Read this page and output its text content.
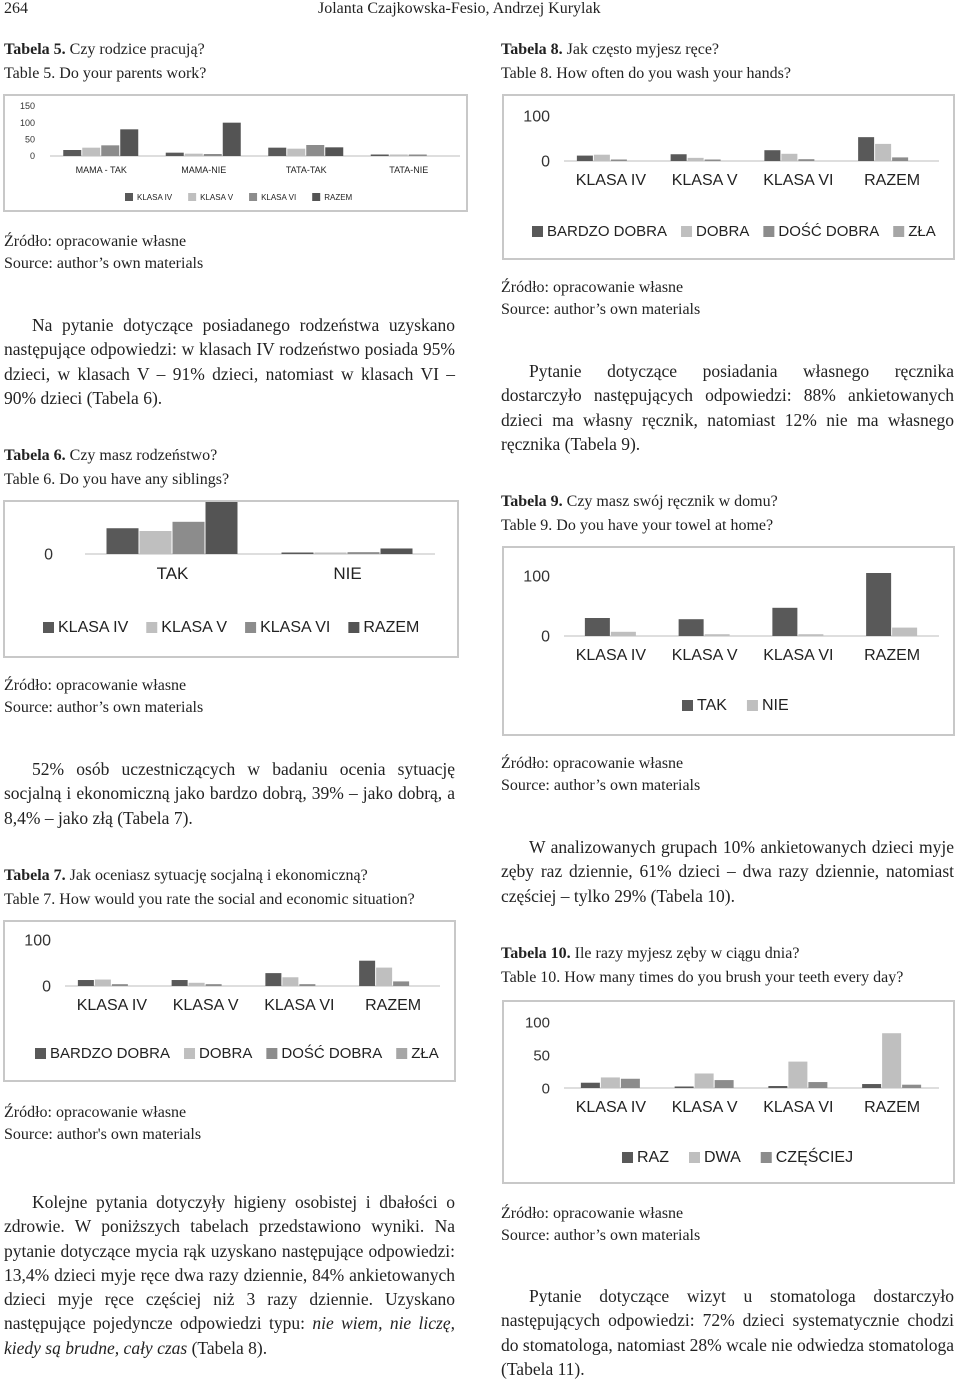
264	Jolanta Czajkowska-Fesio, Andrzej Kurylak
Tabela 5. Czy rodzice pracują?
Table 5. Do your parents work?
150
100
50
0
MAMA - TAK	MAMA-NIE	TATA-TAK	TATA-NIE
KLASA IV	KLASA V	KLASA VI	RAZEM
Źródło: opracowanie własne
Source: author’s own materials
Na pytanie dotyczące posiadanego rodzeństwa uzyskano następujące odpowiedzi: w klasach IV rodzeństwo posiada 95% dzieci, w klasach V – 91% dzieci, natomiast w klasach VI – 90% dzieci (Tabela 6).
Tabela 6. Czy masz rodzeństwo?
Table 6. Do you have any siblings?
0
TAK	NIE
KLASA IV KLASA V KLASA VI RAZEM
Źródło: opracowanie własne
Source: author’s own materials
52% osób uczestniczących w badaniu ocenia sytuację socjalną i ekonomiczną jako bardzo dobrą, 39% – jako dobrą, a 8,4% – jako złą (Tabela 7).
Tabela 7. Jak oceniasz sytuację socjalną i ekonomiczną?
Table 7. How would you rate the social and economic situation?
100
0
KLASA IV KLASA V KLASA VI RAZEM
BARDZO DOBRA DOBRA DOŚĆ DOBRA ZŁA
Źródło: opracowanie własne
Source: author's own materials
Kolejne pytania dotyczyły higieny osobistej i dbałości o zdrowie. W poniższych tabelach przedstawiono wyniki. Na pytanie dotyczące mycia rąk uzyskano następujące odpowiedzi: 13,4% dzieci myje ręce dwa razy dziennie, 84% ankietowanych dzieci myje ręce częściej niż 3 razy dziennie. Uzyskano następujące pojedyncze odpowiedzi typu: nie wiem, nie liczę, kiedy są brudne, cały czas (Tabela 8).
Tabela 8. Jak często myjesz ręce?
Table 8. How often do you wash your hands?
100
0
KLASA IV KLASA V KLASA VI RAZEM
BARDZO DOBRA DOBRA DOŚĆ DOBRA ZŁA
Źródło: opracowanie własne
Source: author’s own materials
Pytanie dotyczące posiadania własnego ręcznika dostarczyło następujących odpowiedzi: 88% ankietowanych dzieci ma własny ręcznik, natomiast 12% nie ma własnego ręcznika (Tabela 9).
Tabela 9. Czy masz swój ręcznik w domu?
Table 9. Do you have your towel at home?
100
0
KLASA IV KLASA V KLASA VI RAZEM
TAK NIE
Źródło: opracowanie własne
Source: author’s own materials
W analizowanych grupach 10% ankietowanych dzieci myje zęby raz dziennie, 61% dzieci – dwa razy dziennie, natomiast częściej – tylko 29% (Tabela 10).
Tabela 10. Ile razy myjesz zęby w ciągu dnia?
Table 10. How many times do you brush your teeth every day?
100
50
0
KLASA IV KLASA V KLASA VI RAZEM
RAZ DWA CZĘŚCIEJ
Źródło: opracowanie własne
Source: author’s own materials
Pytanie dotyczące wizyt u stomatologa dostarczyło następujących odpowiedzi: 72% dzieci systematycznie chodzi do stomatologa, natomiast 28% wcale nie odwiedza stomatologa (Tabela 11).
